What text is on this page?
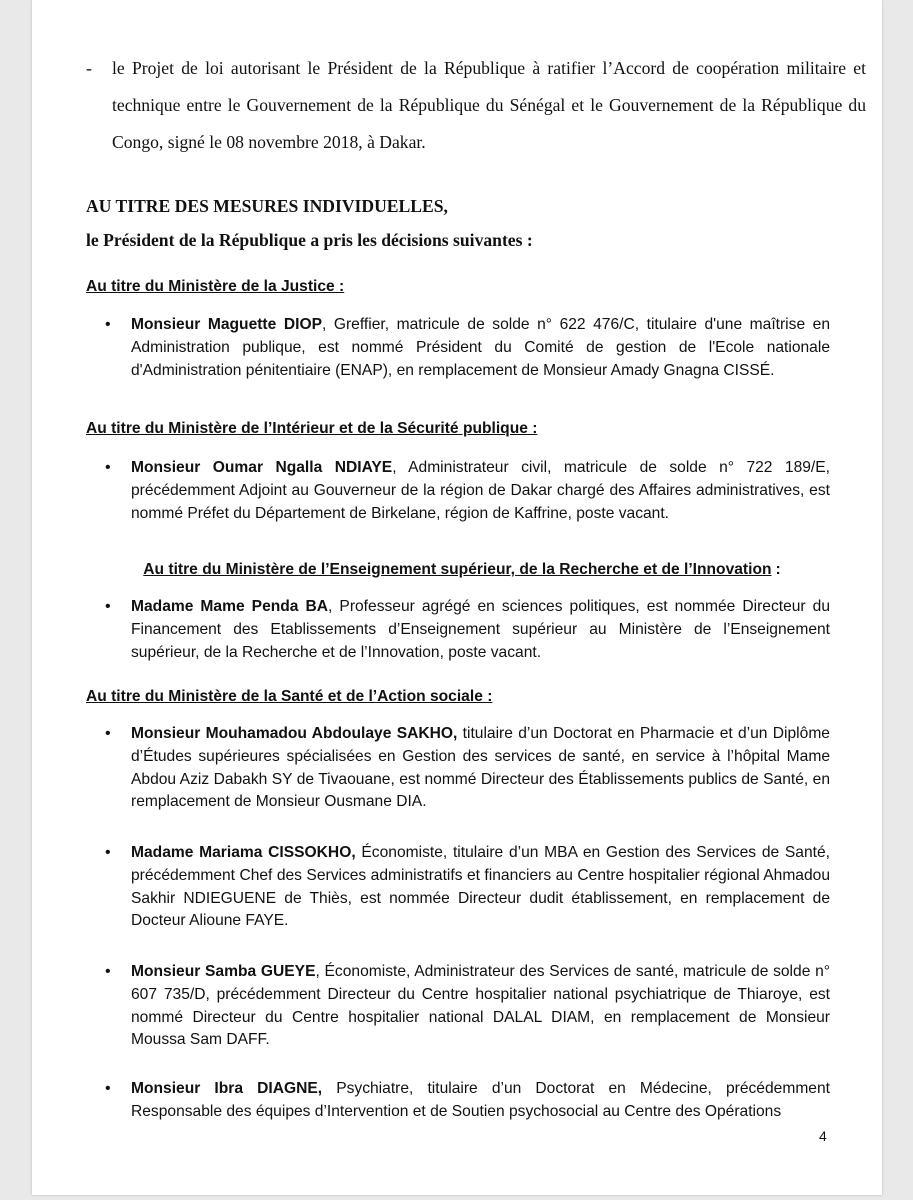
-	le Projet de loi autorisant le Président de la République à ratifier l’Accord de coopération militaire et technique entre le Gouvernement de la République du Sénégal et le Gouvernement de la République du Congo, signé le 08 novembre 2018, à Dakar.
AU TITRE DES MESURES INDIVIDUELLES,
le Président de la République a pris les décisions suivantes :
Au titre du Ministère de la Justice :
•	Monsieur Maguette DIOP, Greffier, matricule de solde n° 622 476/C, titulaire d'une maîtrise en Administration publique, est nommé Président du Comité de gestion de l'Ecole nationale d'Administration pénitentiaire (ENAP), en remplacement de Monsieur Amady Gnagna CISSÉ.
Au titre du Ministère de l’Intérieur et de la Sécurité publique :
•	Monsieur Oumar Ngalla NDIAYE, Administrateur civil, matricule de solde n° 722 189/E, précédemment Adjoint au Gouverneur de la région de Dakar chargé des Affaires administratives, est nommé Préfet du Département de Birkelane, région de Kaffrine, poste vacant.
Au titre du Ministère de l’Enseignement supérieur, de la Recherche et de l’Innovation :
•	Madame Mame Penda BA, Professeur agrégé en sciences politiques, est nommée Directeur du Financement des Etablissements d’Enseignement supérieur au Ministère de l’Enseignement supérieur, de la Recherche et de l’Innovation, poste vacant.
Au titre du Ministère de la Santé et de l’Action sociale :
•	Monsieur Mouhamadou Abdoulaye SAKHO, titulaire d’un Doctorat en Pharmacie et d’un Diplôme d’Études supérieures spécialisées en Gestion des services de santé, en service à l’hôpital Mame Abdou Aziz Dabakh SY de Tivaouane, est nommé Directeur des Établissements publics de Santé, en remplacement de Monsieur Ousmane DIA.
•	Madame Mariama CISSOKHO, Économiste, titulaire d’un MBA en Gestion des Services de Santé, précédemment Chef des Services administratifs et financiers au Centre hospitalier régional Ahmadou Sakhir NDIEGUENE de Thiès, est nommée Directeur dudit établissement, en remplacement de Docteur Alioune FAYE.
•	Monsieur Samba GUEYE, Économiste, Administrateur des Services de santé, matricule de solde n° 607 735/D, précédemment Directeur du Centre hospitalier national psychiatrique de Thiaroye, est nommé Directeur du Centre hospitalier national DALAL DIAM, en remplacement de Monsieur Moussa Sam DAFF.
•	Monsieur Ibra DIAGNE, Psychiatre, titulaire d’un Doctorat en Médecine, précédemment Responsable des équipes d’Intervention et de Soutien psychosocial au Centre des Opérations
4
